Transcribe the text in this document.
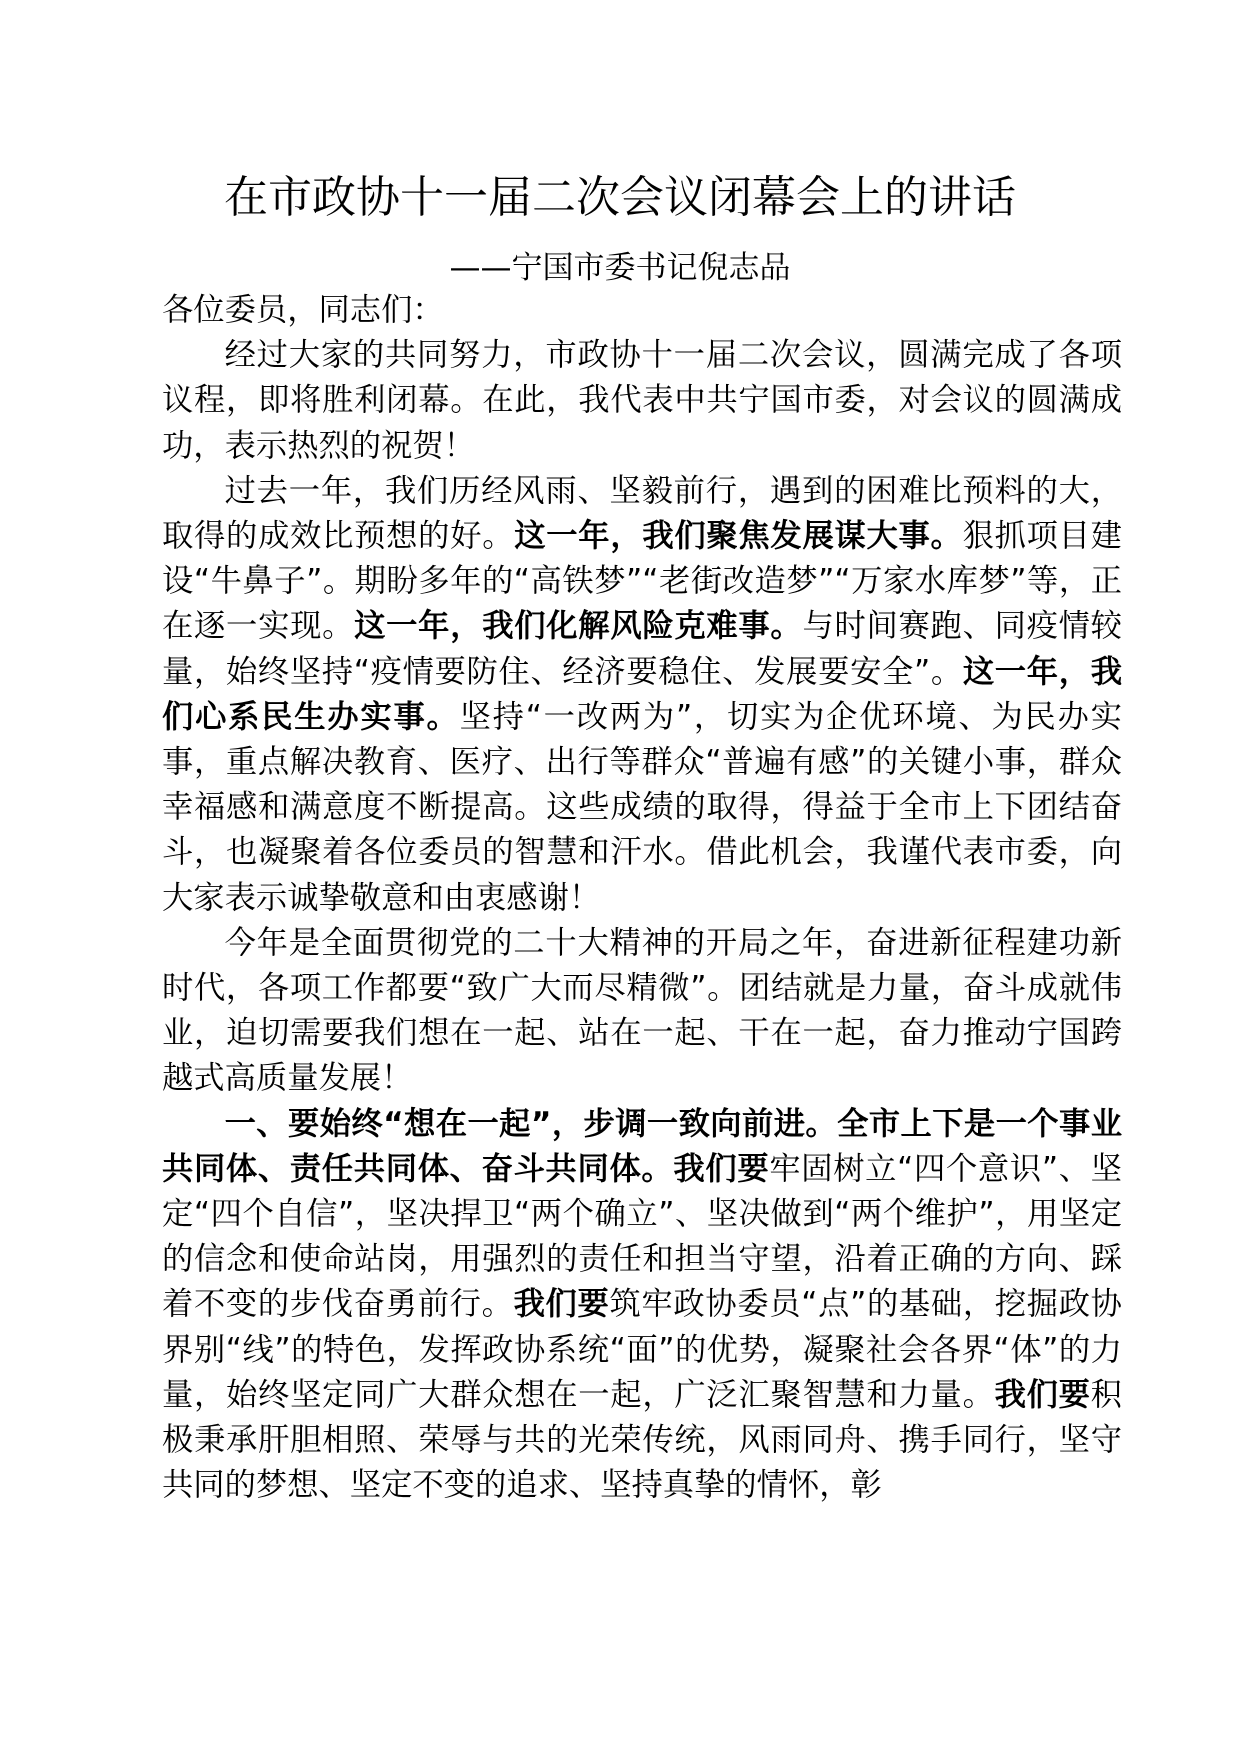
在市政协十一届二次会议闭幕会上的讲话
——宁国市委书记倪志品

各位委员，同志们：

经过大家的共同努力，市政协十一届二次会议，圆满完成了各项议程，即将胜利闭幕。在此，我代表中共宁国市委，对会议的圆满成功，表示热烈的祝贺！

过去一年，我们历经风雨、坚毅前行，遇到的困难比预料的大，取得的成效比预想的好。这一年，我们聚焦发展谋大事。狠抓项目建设“牛鼻子”。期盼多年的“高铁梦”“老街改造梦”“万家水库梦”等，正在逐一实现。这一年，我们化解风险克难事。与时间赛跑、同疫情较量，始终坚持“疫情要防住、经济要稳住、发展要安全”。这一年，我们心系民生办实事。坚持“一改两为”，切实为企优环境、为民办实事，重点解决教育、医疗、出行等群众“普遍有感”的关键小事，群众幸福感和满意度不断提高。这些成绩的取得，得益于全市上下团结奋斗，也凝聚着各位委员的智慧和汗水。借此机会，我谨代表市委，向大家表示诚挚敬意和由衷感谢！

今年是全面贯彻党的二十大精神的开局之年，奋进新征程建功新时代，各项工作都要“致广大而尽精微”。团结就是力量，奋斗成就伟业，迫切需要我们想在一起、站在一起、干在一起，奋力推动宁国跨越式高质量发展！

一、要始终“想在一起”，步调一致向前进。全市上下是一个事业共同体、责任共同体、奋斗共同体。我们要牢固树立“四个意识”、坚定“四个自信”，坚决捍卫“两个确立”、坚决做到“两个维护”，用坚定的信念和使命站岗，用强烈的责任和担当守望，沿着正确的方向、踩着不变的步伐奋勇前行。我们要筑牢政协委员“点”的基础，挖掘政协界别“线”的特色，发挥政协系统“面”的优势，凝聚社会各界“体”的力量，始终坚定同广大群众想在一起，广泛汇聚智慧和力量。我们要积极秉承肝胆相照、荣辱与共的光荣传统，风雨同舟、携手同行，坚守共同的梦想、坚定不变的追求、坚持真挚的情怀，彰
